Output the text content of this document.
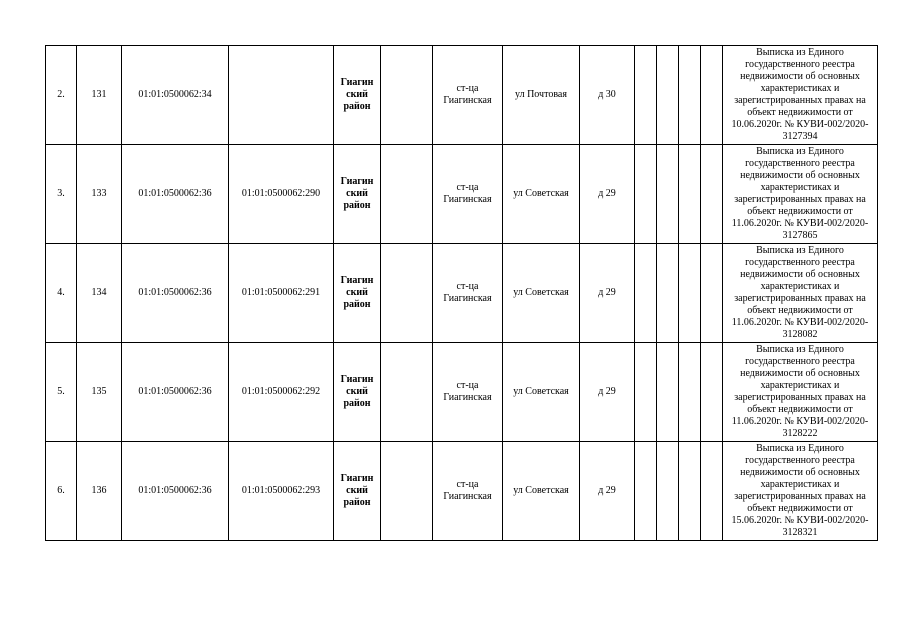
2.	131	01:01:0500062:34		Гиагин
ский
район		ст-ца
Гиагинская	ул Почтовая	д 30					Выписка из Единого государственного реестра недвижимости об основных характеристиках и зарегистрированных правах на объект недвижимости от 10.06.2020г. № КУВИ-002/2020-3127394
3.	133	01:01:0500062:36	01:01:0500062:290	Гиагин
ский
район		ст-ца
Гиагинская	ул Советская	д 29					Выписка из Единого государственного реестра недвижимости об основных характеристиках и зарегистрированных правах на объект недвижимости от 11.06.2020г. № КУВИ-002/2020-3127865
4.	134	01:01:0500062:36	01:01:0500062:291	Гиагин
ский
район		ст-ца
Гиагинская	ул Советская	д 29					Выписка из Единого государственного реестра недвижимости об основных характеристиках и зарегистрированных правах на объект недвижимости от 11.06.2020г. № КУВИ-002/2020-3128082
5.	135	01:01:0500062:36	01:01:0500062:292	Гиагин
ский
район		ст-ца
Гиагинская	ул Советская	д 29					Выписка из Единого государственного реестра недвижимости об основных характеристиках и зарегистрированных правах на объект недвижимости от 11.06.2020г. № КУВИ-002/2020-3128222
6.	136	01:01:0500062:36	01:01:0500062:293	Гиагин
ский
район		ст-ца
Гиагинская	ул Советская	д 29					Выписка из Единого государственного реестра недвижимости об основных характеристиках и зарегистрированных правах на объект недвижимости от 15.06.2020г. № КУВИ-002/2020-3128321
